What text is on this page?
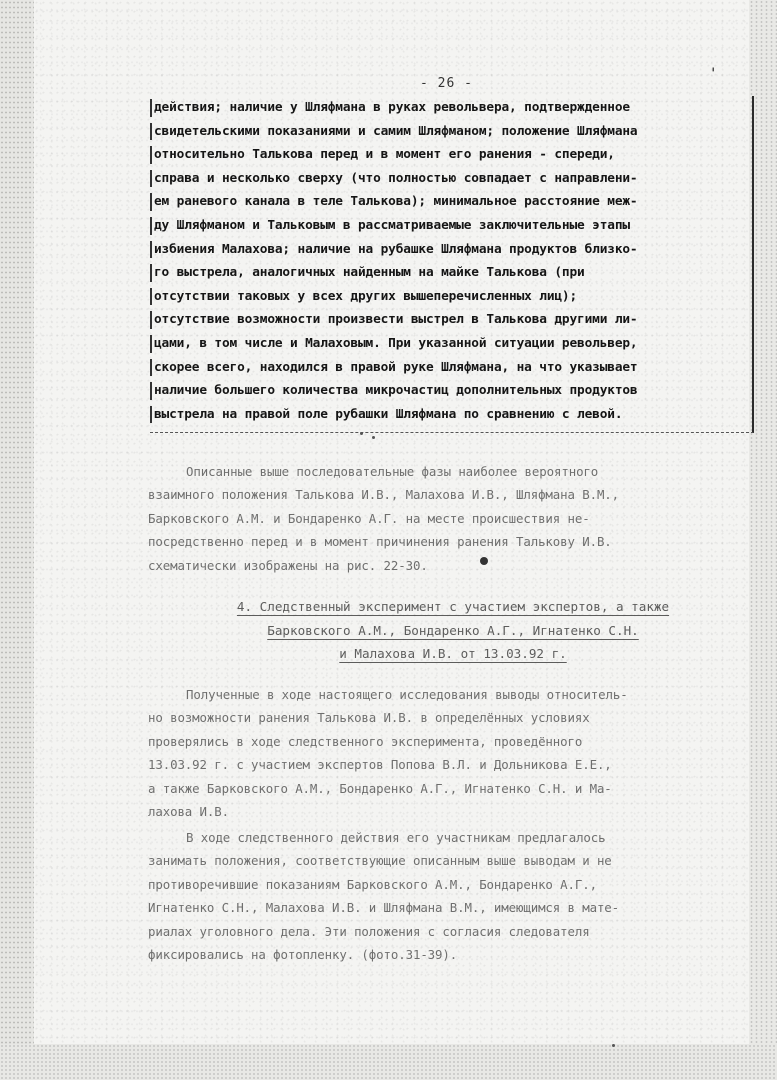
- 26 -
'
действия; наличие у Шляфмана в руках револьвера, подтвержденное
свидетельскими показаниями и самим Шляфманом; положение Шляфмана
относительно Талькова перед и в момент его ранения - спереди,
справа и несколько сверху (что полностью совпадает с направлени-
ем раневого канала в теле Талькова); минимальное расстояние меж-
ду Шляфманом и Тальковым в рассматриваемые заключительные этапы
избиения Малахова; наличие на рубашке Шляфмана продуктов близко-
го выстрела, аналогичных найденным на майке Талькова (при
отсутствии таковых у всех других вышеперечисленных лиц);
отсутствие возможности произвести выстрел в Талькова другими ли-
цами, в том числе и Малаховым. При указанной ситуации револьвер,
скорее всего, находился в правой руке Шляфмана, на что указывает
наличие большего количества микрочастиц дополнительных продуктов
выстрела на правой поле рубашки Шляфмана по сравнению с левой.
Описанные выше последовательные фазы наиболее вероятного
взаимного положения Талькова И.В., Малахова И.В., Шляфмана В.М.,
Барковского А.М. и Бондаренко А.Г. на месте происшествия не-
посредственно перед и в момент причинения ранения Талькову И.В.
схематически изображены на рис. 22-30.
4. Следственный эксперимент с участием экспертов, а также
Барковского А.М., Бондаренко А.Г., Игнатенко С.Н.
и Малахова И.В. от 13.03.92 г.
Полученные в ходе настоящего исследования выводы относитель-
но возможности ранения Талькова И.В. в определённых условиях
проверялись в ходе следственного эксперимента, проведённого
13.03.92 г. с участием экспертов Попова В.Л. и Дольникова Е.Е.,
а также Барковского А.М., Бондаренко А.Г., Игнатенко С.Н. и Ма-
лахова И.В.
В ходе следственного действия его участникам предлагалось
занимать положения, соответствующие описанным выше выводам и не
противоречившие показаниям Барковского А.М., Бондаренко А.Г.,
Игнатенко С.Н., Малахова И.В. и Шляфмана В.М., имеющимся в мате-
риалах уголовного дела. Эти положения с согласия следователя
фиксировались на фотопленку. (фото.31-39).
